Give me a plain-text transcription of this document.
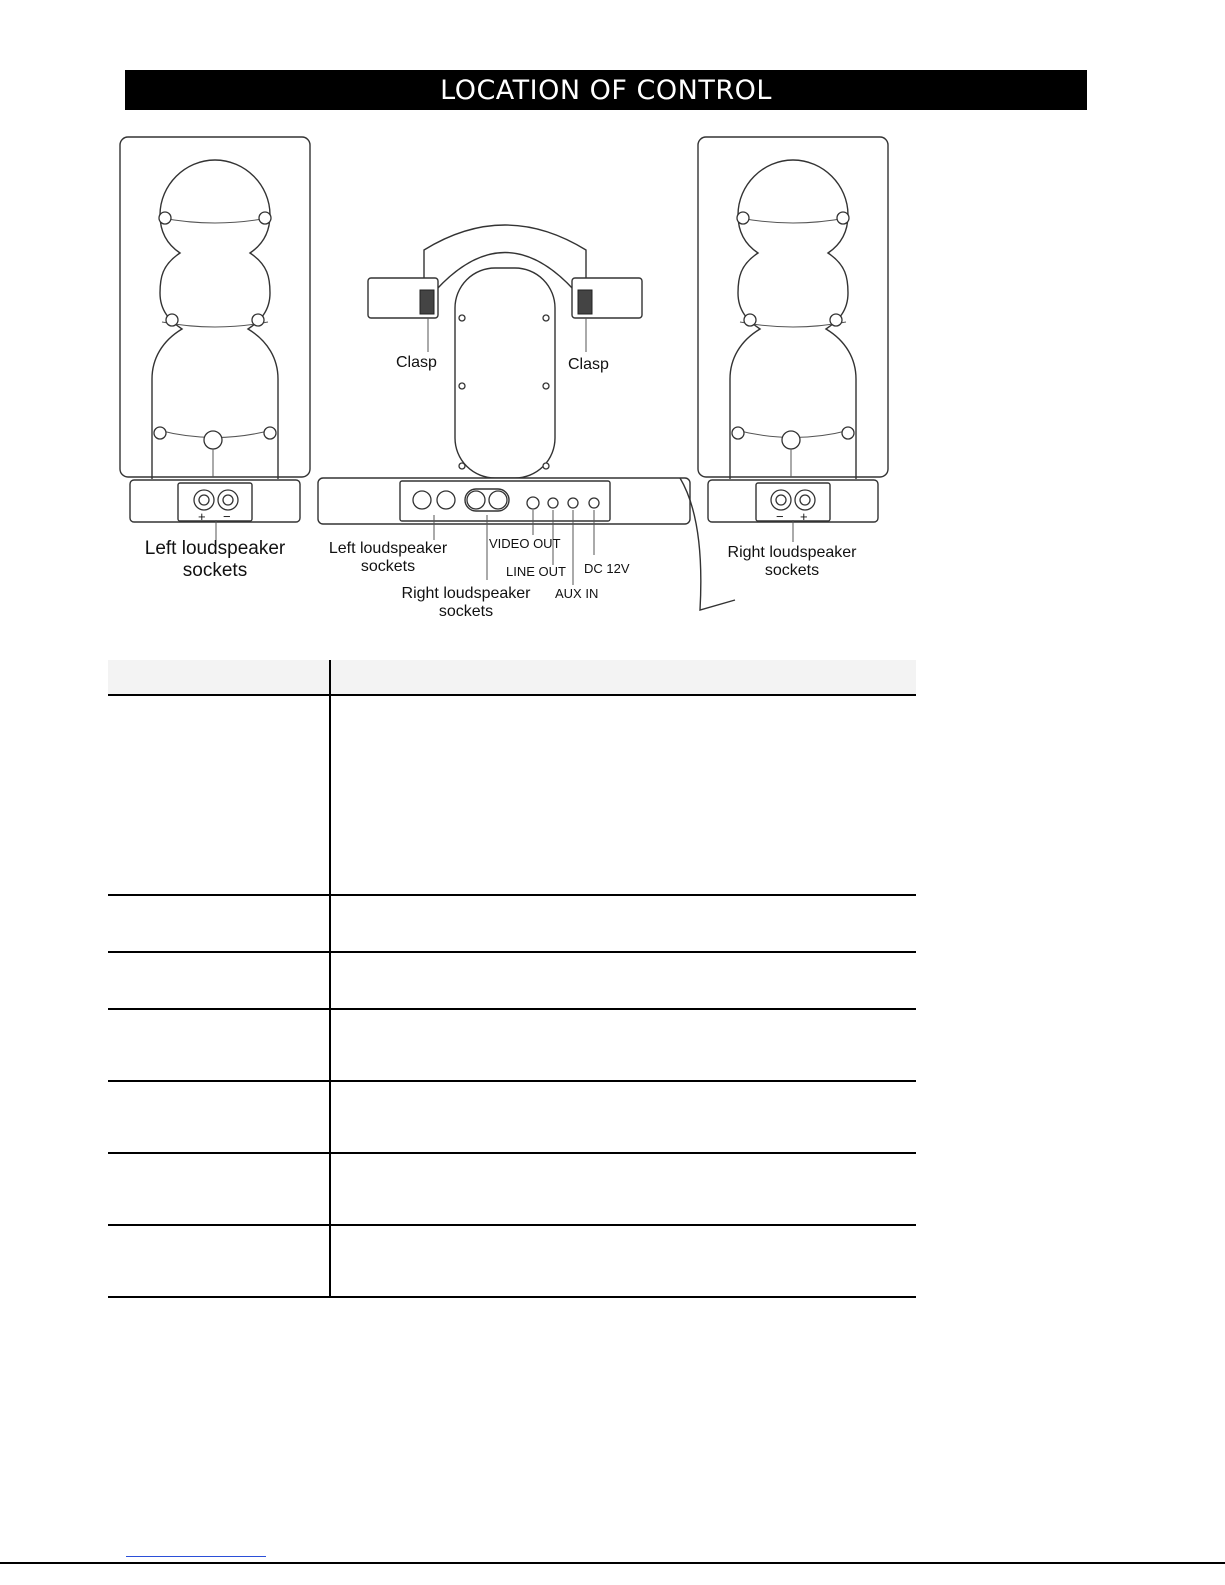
LOCATION OF CONTROL
+ −	− +
Clasp	Clasp
Left loudspeaker
sockets
Left loudspeaker
sockets
VIDEO OUT
LINE OUT DC 12V
AUX IN
Right loudspeaker
sockets
Right loudspeaker
sockets
